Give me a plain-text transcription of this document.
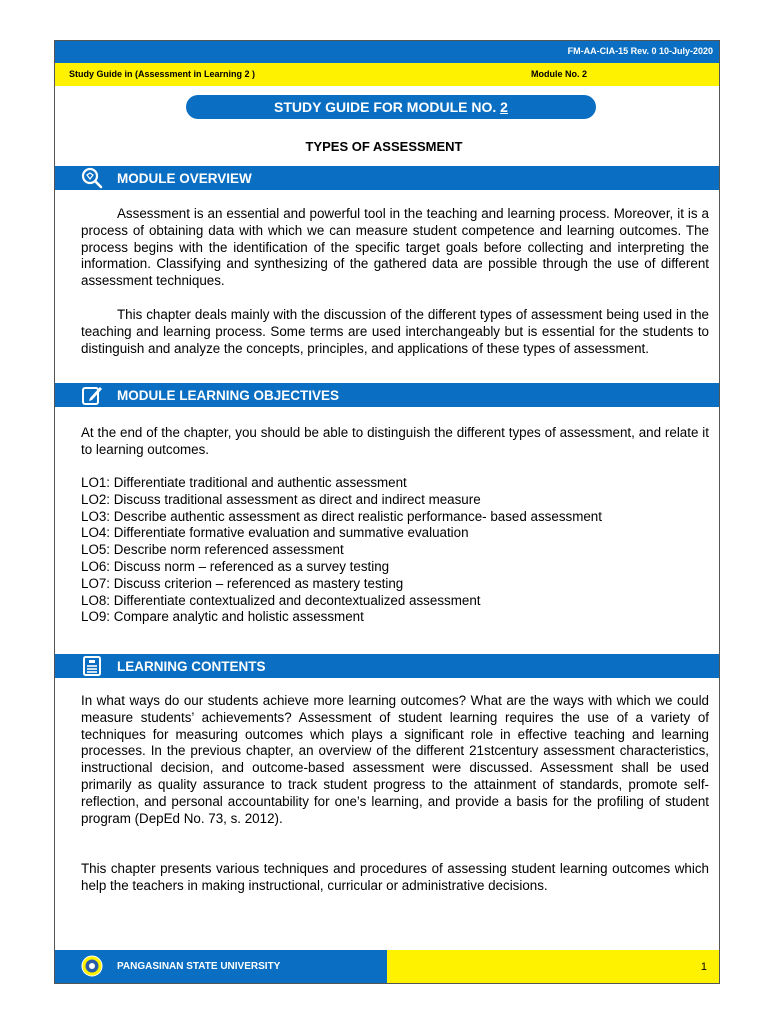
FM-AA-CIA-15 Rev. 0 10-July-2020
Study Guide in (Assessment in Learning 2 )	Module No. 2
STUDY GUIDE FOR MODULE NO. 2
TYPES OF ASSESSMENT
MODULE OVERVIEW
Assessment is an essential and powerful tool in the teaching and learning process. Moreover, it is a process of obtaining data with which we can measure student competence and learning outcomes. The process begins with the identification of the specific target goals before collecting and interpreting the information. Classifying and synthesizing of the gathered data are possible through the use of different assessment techniques.
This chapter deals mainly with the discussion of the different types of assessment being used in the teaching and learning process. Some terms are used interchangeably but is essential for the students to distinguish and analyze the concepts, principles, and applications of these types of assessment.
MODULE LEARNING OBJECTIVES
At the end of the chapter, you should be able to distinguish the different types of assessment, and relate it to learning outcomes.
LO1: Differentiate traditional and authentic assessment
LO2: Discuss traditional assessment as direct and indirect measure
LO3: Describe authentic assessment as direct realistic performance- based assessment
LO4: Differentiate formative evaluation and summative evaluation
LO5: Describe norm referenced assessment
LO6: Discuss norm – referenced as a survey testing
LO7: Discuss criterion – referenced as mastery testing
LO8: Differentiate contextualized and decontextualized assessment
LO9: Compare analytic and holistic assessment
LEARNING CONTENTS
In what ways do our students achieve more learning outcomes? What are the ways with which we could measure students’ achievements? Assessment of student learning requires the use of a variety of techniques for measuring outcomes which plays a significant role in effective teaching and learning processes. In the previous chapter, an overview of the different 21stcentury assessment characteristics, instructional decision, and outcome-based assessment were discussed. Assessment shall be used primarily as quality assurance to track student progress to the attainment of standards, promote self-reflection, and personal accountability for one’s learning, and provide a basis for the profiling of student program (DepEd No. 73, s. 2012).
This chapter presents various techniques and procedures of assessing student learning outcomes which help the teachers in making instructional, curricular or administrative decisions.
PANGASINAN STATE UNIVERSITY	1
